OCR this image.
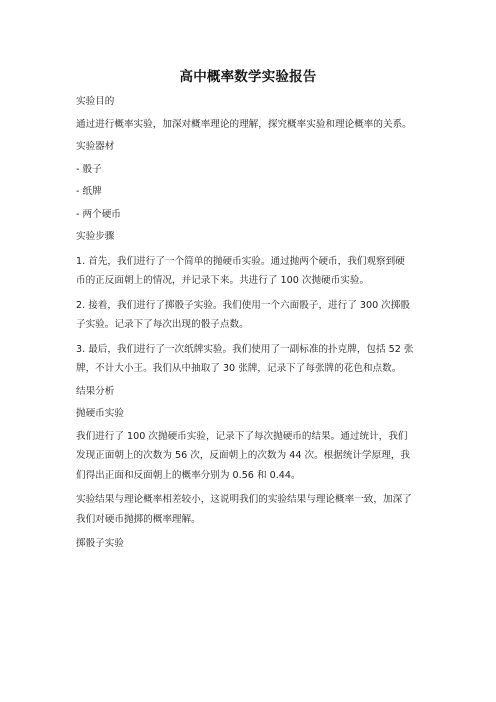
高中概率数学实验报告

实验目的

通过进行概率实验，加深对概率理论的理解，探究概率实验和理论概率的关系。

实验器材

- 骰子

- 纸牌

- 两个硬币

实验步骤

1. 首先，我们进行了一个简单的抛硬币实验。通过抛两个硬币，我们观察到硬

币的正反面朝上的情况，并记录下来。共进行了 100 次抛硬币实验。

2. 接着，我们进行了掷骰子实验。我们使用一个六面骰子，进行了 300 次掷骰

子实验。记录下了每次出现的骰子点数。

3. 最后，我们进行了一次纸牌实验。我们使用了一副标准的扑克牌，包括 52 张

牌，不计大小王。我们从中抽取了 30 张牌，记录下了每张牌的花色和点数。

结果分析

抛硬币实验

我们进行了 100 次抛硬币实验，记录下了每次抛硬币的结果。通过统计，我们

发现正面朝上的次数为 56 次，反面朝上的次数为 44 次。根据统计学原理，我

们得出正面和反面朝上的概率分别为 0.56 和 0.44。

实验结果与理论概率相差较小，这说明我们的实验结果与理论概率一致，加深了

我们对硬币抛掷的概率理解。

掷骰子实验
